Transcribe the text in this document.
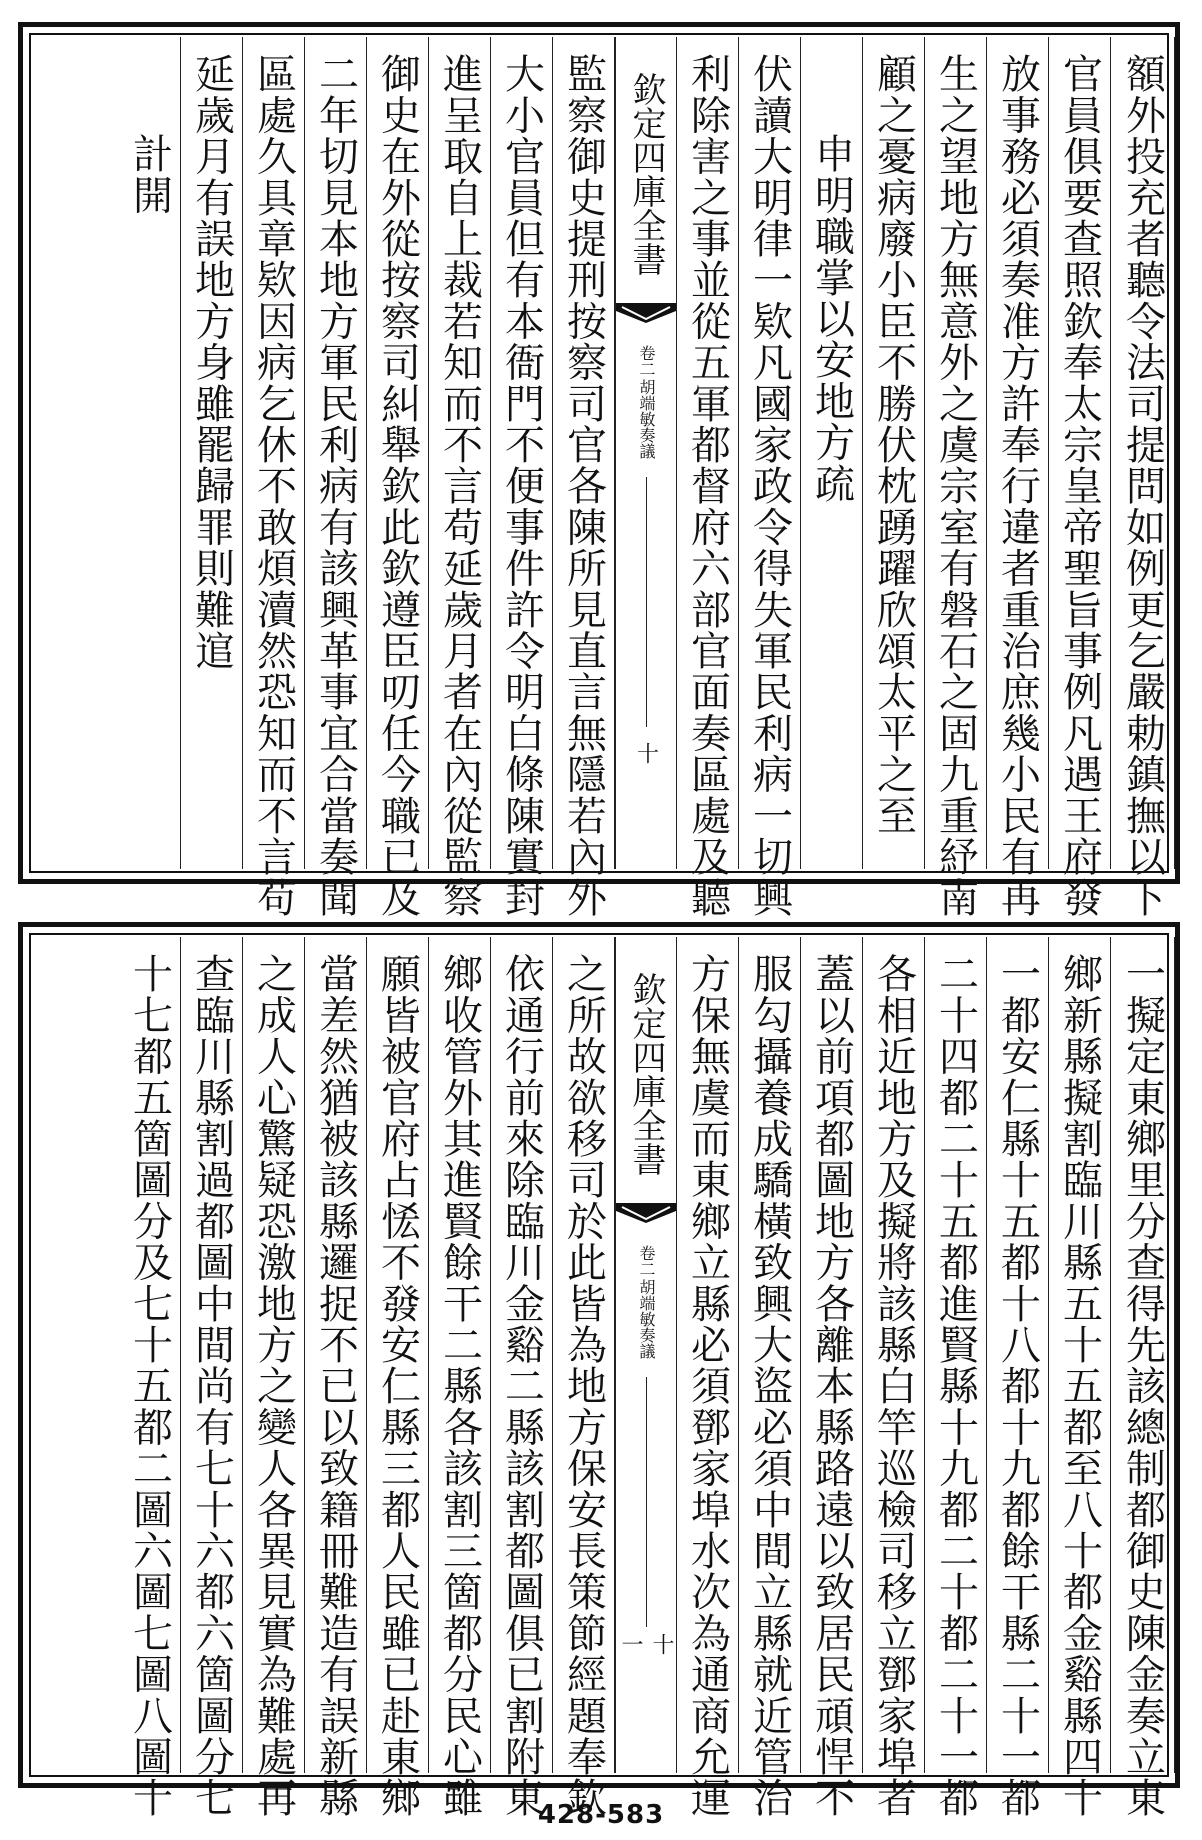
額外投充者聽令法司提問如例更乞嚴勅鎮撫以下
官員俱要查照欽奉太宗皇帝聖旨事例凡遇王府發
放事務必須奏准方許奉行違者重治庶幾小民有再
生之望地方無意外之虞宗室有磐石之固九重紓南
顧之憂病廢小臣不勝伏枕踴躍欣頌太平之至
申明職掌以安地方疏
伏讀大明律一欵凡國家政令得失軍民利病一切興
利除害之事並從五軍都督府六部官面奏區處及聽
欽定四庫全書
卷二
胡端敏奏議
十
監察御史提刑按察司官各陳所見直言無隱若內外
大小官員但有本衙門不便事件許令明白條陳實封
進呈取自上裁若知而不言苟延歲月者在內從監察
御史在外從按察司糾舉欽此欽遵臣叨任今職已及
二年切見本地方軍民利病有該興革事宜合當奏聞
區處久具章欵因病乞休不敢煩瀆然恐知而不言苟
延歲月有誤地方身雖罷歸罪則難逭
計開
一擬定東鄉里分查得先該總制都御史陳金奏立東
鄉新縣擬割臨川縣五十五都至八十都金谿縣四十
一都安仁縣十五都十八都十九都餘干縣二十一都
二十四都二十五都進賢縣十九都二十都二十一都
各相近地方及擬將該縣白竿巡檢司移立鄧家埠者
蓋以前項都圖地方各離本縣路遠以致居民頑悍不
服勾攝養成驕橫致興大盜必須中間立縣就近管治
方保無虞而東鄉立縣必須鄧家埠水次為通商允運
欽定四庫全書
卷二
胡端敏奏議
十一
之所故欲移司於此皆為地方保安長策節經題奉欽
依通行前來除臨川金谿二縣該割都圖俱已割附東
鄉收管外其進賢餘干二縣各該割三箇都分民心雖
願皆被官府占恡不發安仁縣三都人民雖已赴東鄉
當差然猶被該縣邏捉不已以致籍冊難造有誤新縣
之成人心驚疑恐激地方之變人各異見實為難處再
查臨川縣割過都圖中間尚有七十六都六箇圖分七
十七都五箇圖分及七十五都二圖六圖七圖八圖十	428-583
